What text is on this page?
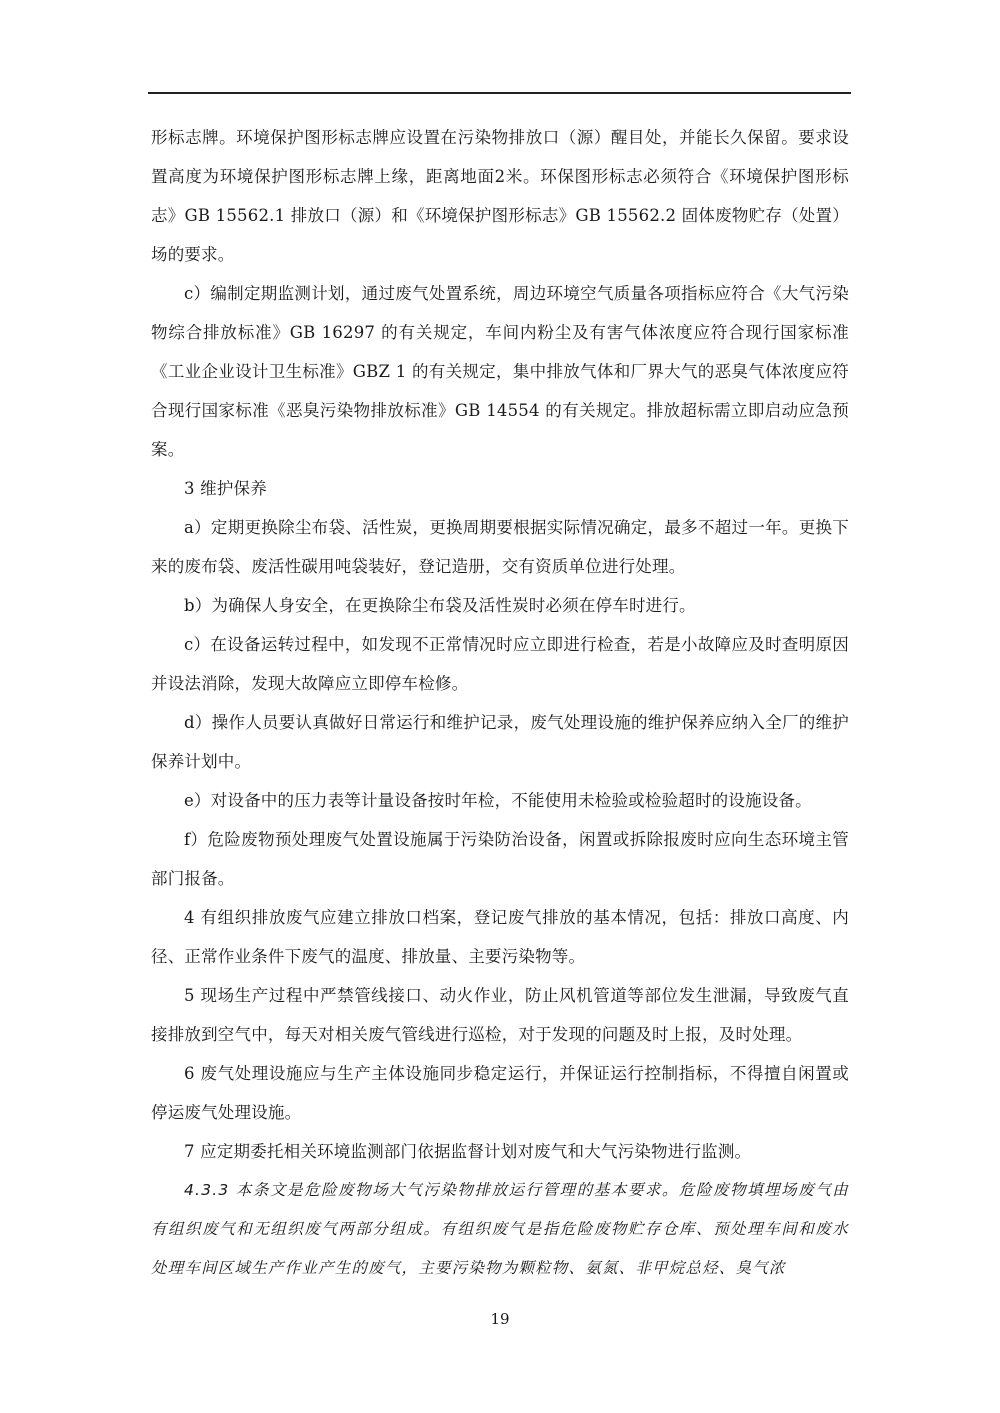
形标志牌。环境保护图形标志牌应设置在污染物排放口（源）醒目处，并能长久保留。要求设置高度为环境保护图形标志牌上缘，距离地面2米。环保图形标志必须符合《环境保护图形标志》GB 15562.1 排放口（源）和《环境保护图形标志》GB 15562.2 固体废物贮存（处置）场的要求。

c）编制定期监测计划，通过废气处置系统，周边环境空气质量各项指标应符合《大气污染物综合排放标准》GB 16297 的有关规定，车间内粉尘及有害气体浓度应符合现行国家标准《工业企业设计卫生标准》GBZ 1 的有关规定，集中排放气体和厂界大气的恶臭气体浓度应符合现行国家标准《恶臭污染物排放标准》GB 14554 的有关规定。排放超标需立即启动应急预案。

3 维护保养

a）定期更换除尘布袋、活性炭，更换周期要根据实际情况确定，最多不超过一年。更换下来的废布袋、废活性碳用吨袋装好，登记造册，交有资质单位进行处理。

b）为确保人身安全，在更换除尘布袋及活性炭时必须在停车时进行。

c）在设备运转过程中，如发现不正常情况时应立即进行检查，若是小故障应及时查明原因并设法消除，发现大故障应立即停车检修。

d）操作人员要认真做好日常运行和维护记录，废气处理设施的维护保养应纳入全厂的维护保养计划中。

e）对设备中的压力表等计量设备按时年检，不能使用未检验或检验超时的设施设备。

f）危险废物预处理废气处置设施属于污染防治设备，闲置或拆除报废时应向生态环境主管部门报备。

4 有组织排放废气应建立排放口档案，登记废气排放的基本情况，包括：排放口高度、内径、正常作业条件下废气的温度、排放量、主要污染物等。

5 现场生产过程中严禁管线接口、动火作业，防止风机管道等部位发生泄漏，导致废气直接排放到空气中，每天对相关废气管线进行巡检，对于发现的问题及时上报，及时处理。

6 废气处理设施应与生产主体设施同步稳定运行，并保证运行控制指标，不得擅自闲置或停运废气处理设施。

7 应定期委托相关环境监测部门依据监督计划对废气和大气污染物进行监测。

4.3.3 本条文是危险废物场大气污染物排放运行管理的基本要求。危险废物填埋场废气由有组织废气和无组织废气两部分组成。有组织废气是指危险废物贮存仓库、预处理车间和废水处理车间区域生产作业产生的废气，主要污染物为颗粒物、氨氮、非甲烷总烃、臭气浓

19
